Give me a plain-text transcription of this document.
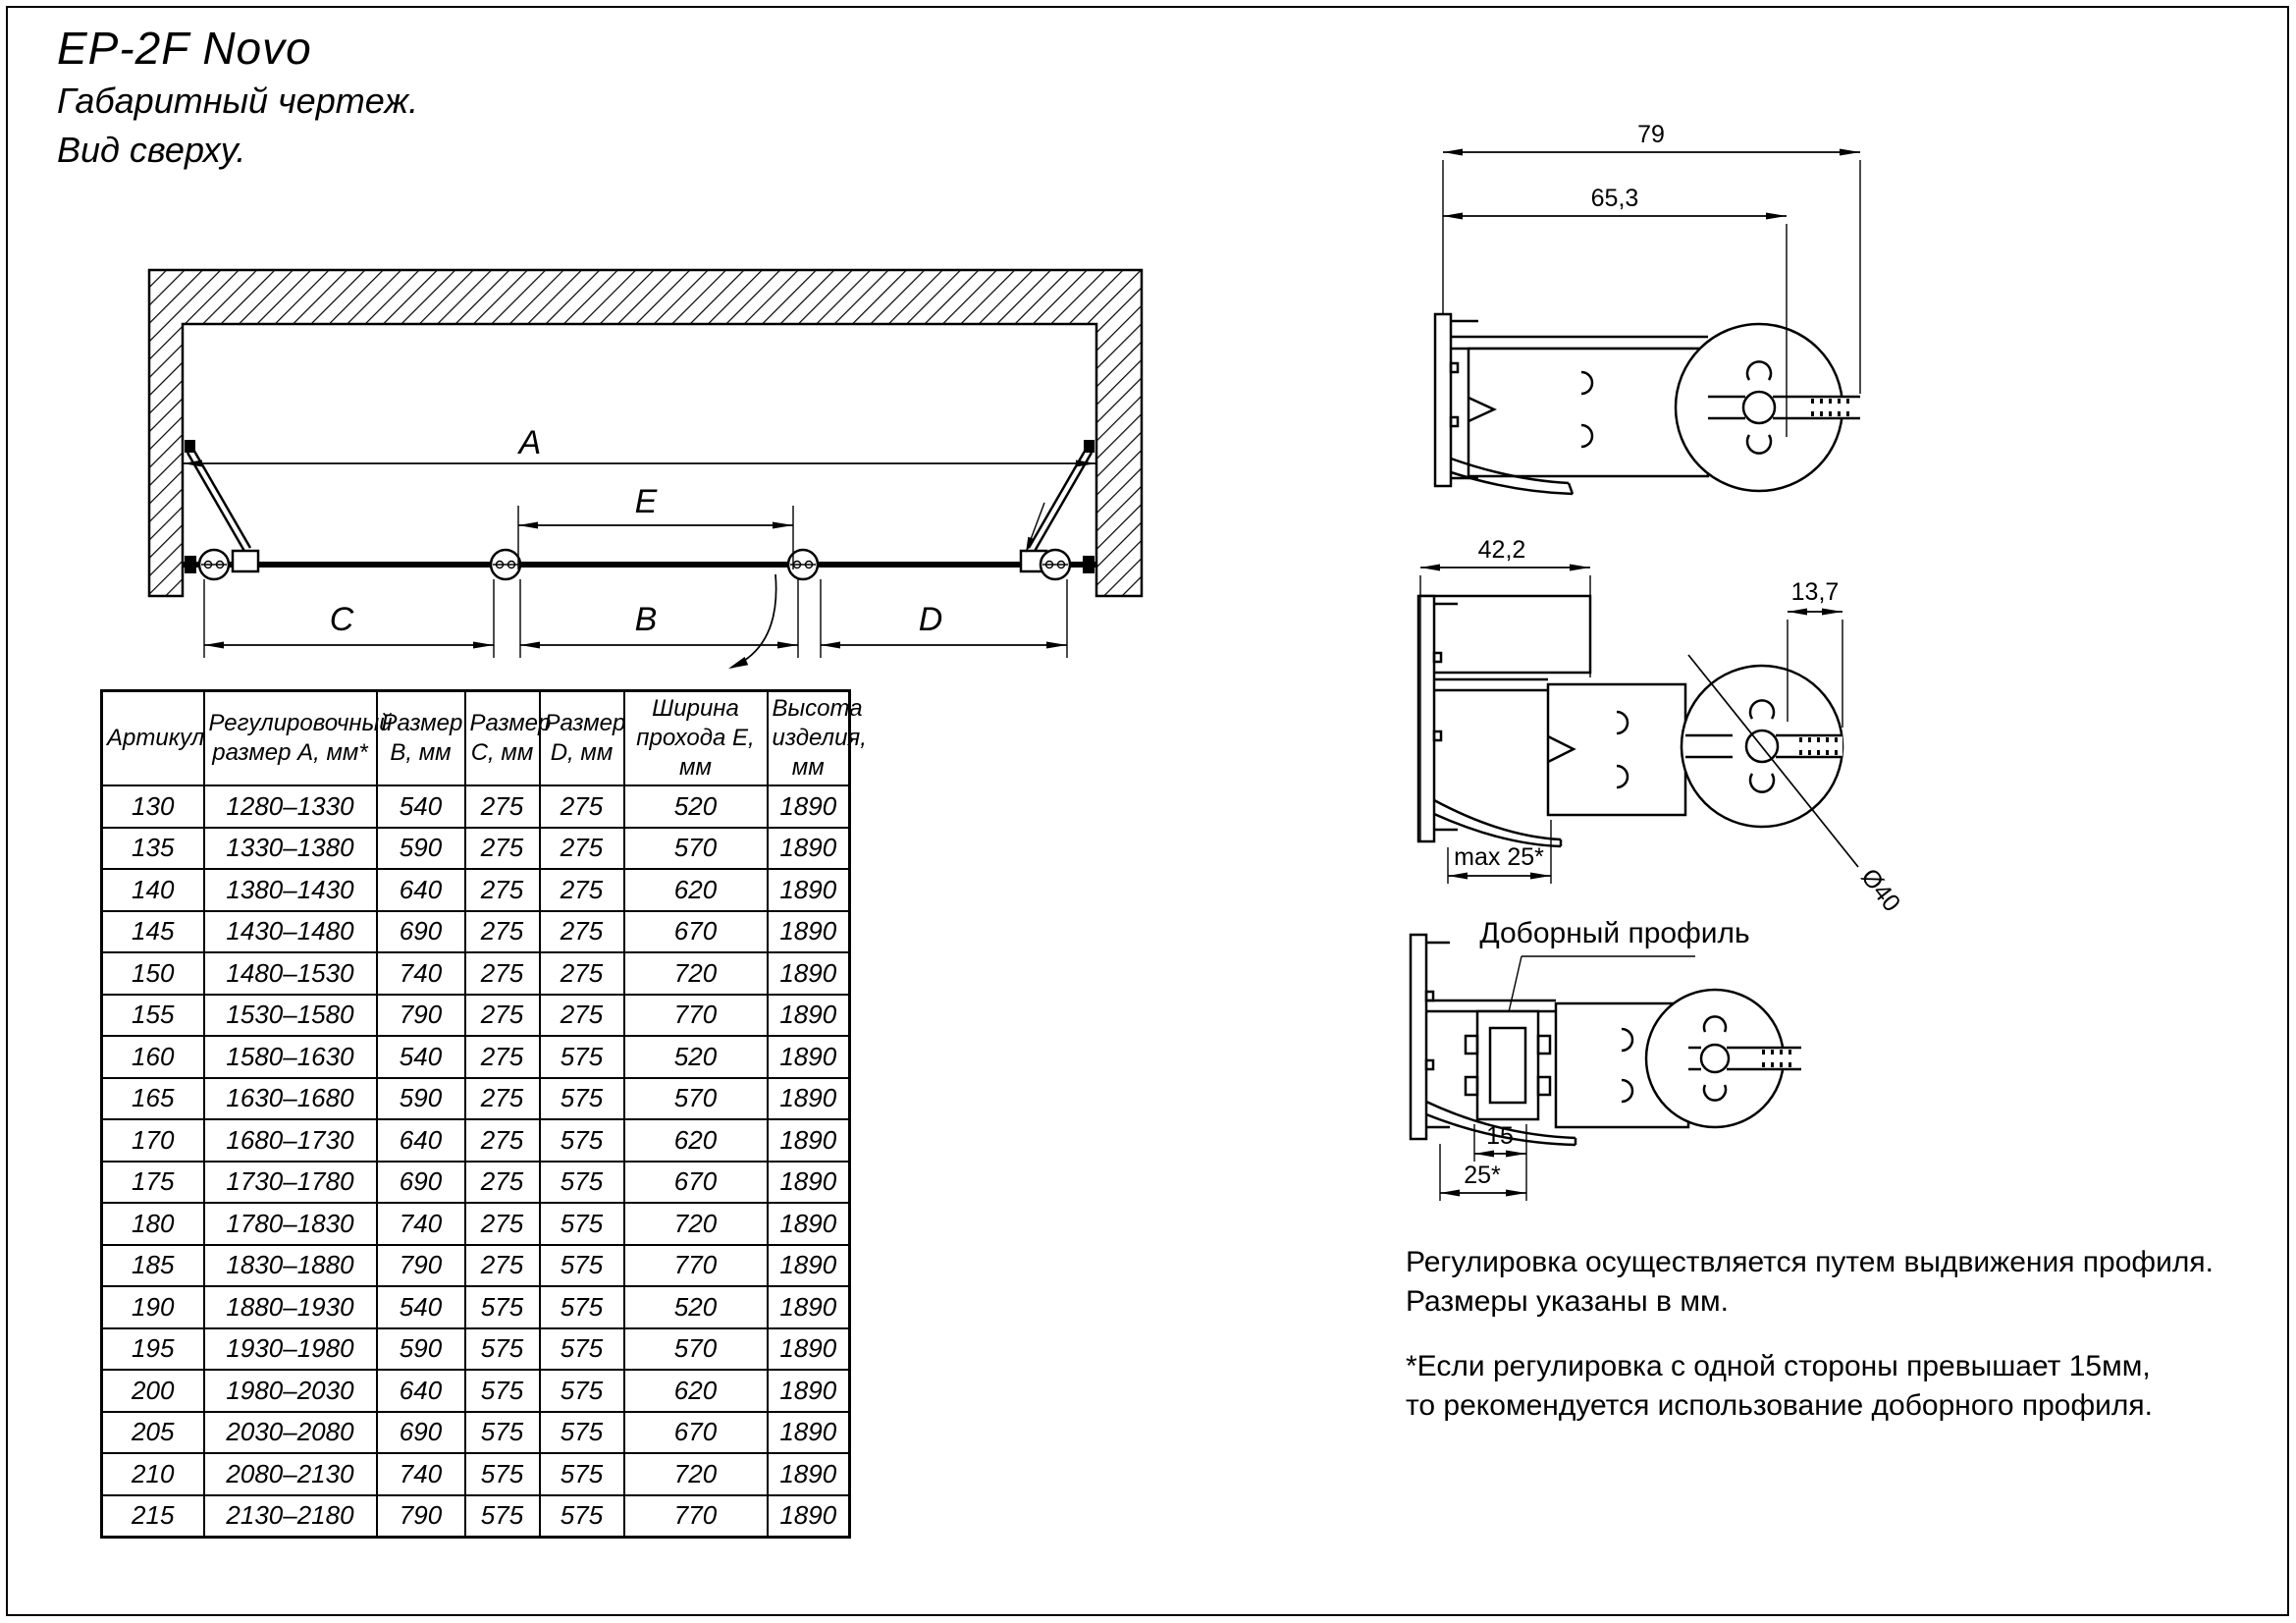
EP-2F Novo
Габаритный чертеж.
Вид сверху.
A
E
C	B	D
Артикул	Регулировочный размер А, мм*	Размер В, мм	Размер С, мм	Размер D, мм	Ширина прохода Е, мм	Высота изделия, мм
130	1280–1330	540	275	275	520	1890
135	1330–1380	590	275	275	570	1890
140	1380–1430	640	275	275	620	1890
145	1430–1480	690	275	275	670	1890
150	1480–1530	740	275	275	720	1890
155	1530–1580	790	275	275	770	1890
160	1580–1630	540	275	575	520	1890
165	1630–1680	590	275	575	570	1890
170	1680–1730	640	275	575	620	1890
175	1730–1780	690	275	575	670	1890
180	1780–1830	740	275	575	720	1890
185	1830–1880	790	275	575	770	1890
190	1880–1930	540	575	575	520	1890
195	1930–1980	590	575	575	570	1890
200	1980–2030	640	575	575	620	1890
205	2030–2080	690	575	575	670	1890
210	2080–2130	740	575	575	720	1890
215	2130–2180	790	575	575	770	1890
79
65,3
42,2
13,7
max 25*
Ø40
Доборный профиль
15
25*
Регулировка осуществляется путем выдвижения профиля.
Размеры указаны в мм.
*Если регулировка с одной стороны превышает 15мм,
то рекомендуется использование доборного профиля.
